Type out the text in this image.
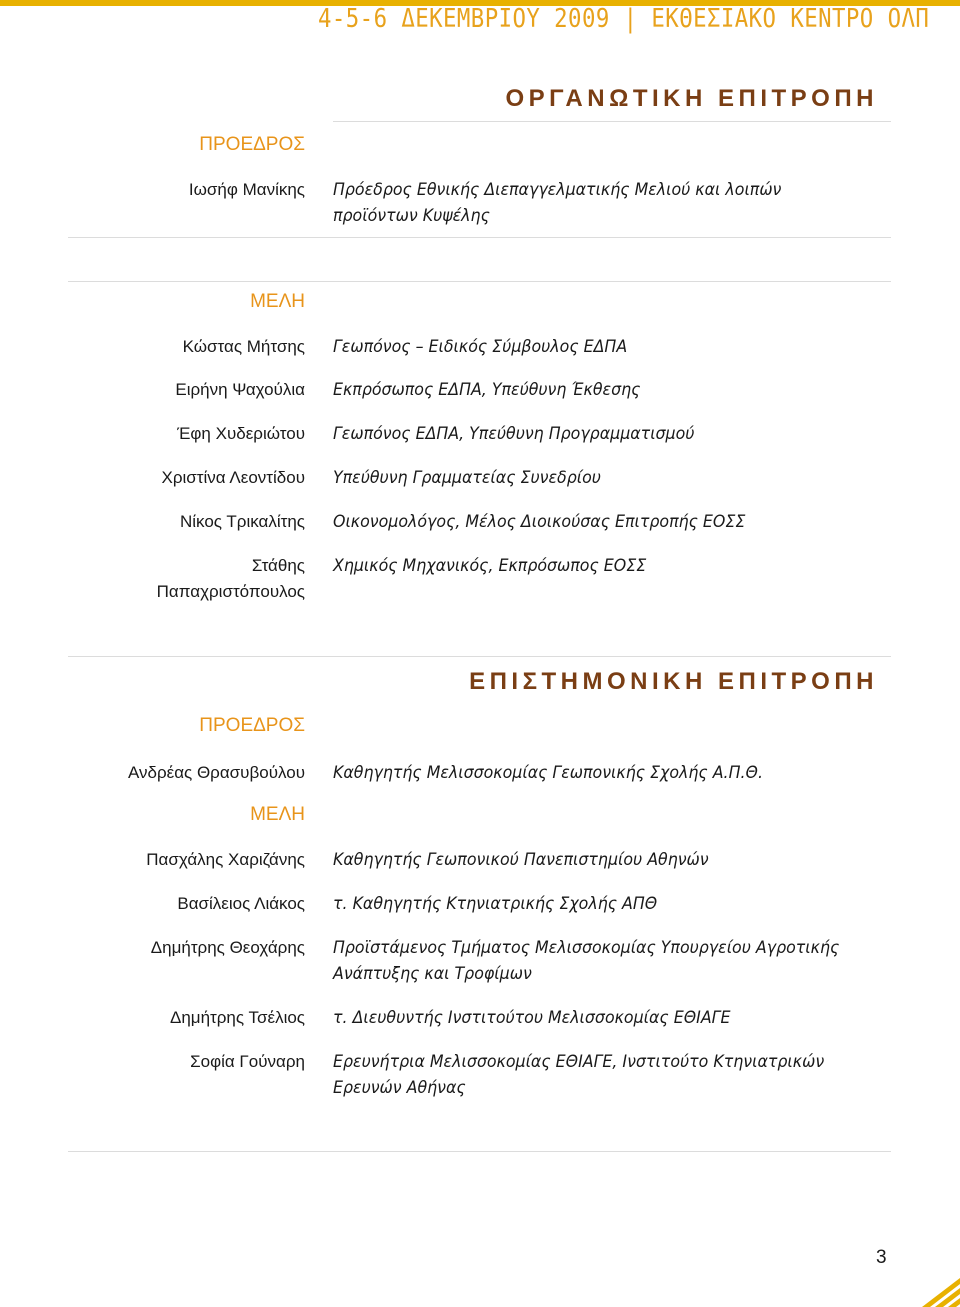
4-5-6 ΔΕΚΕΜΒΡΙΟΥ 2009 | ΕΚΘΕΣΙΑΚΟ ΚΕΝΤΡΟ ΟΛΠ
ΟΡΓΑΝΩΤΙΚΗ ΕΠΙΤΡΟΠΗ
ΠΡΟΕΔΡΟΣ
Ιωσήφ Μανίκης Πρόεδρος Εθνικής Διεπαγγελματικής Μελιού και λοιπών προϊόντων Κυψέλης
ΜΕΛΗ
Κώστας Μήτσης Γεωπόνος – Ειδικός Σύμβουλος ΕΔΠΑ
Ειρήνη Ψαχούλια Εκπρόσωπος ΕΔΠΑ, Υπεύθυνη Έκθεσης
Έφη Χυδεριώτου Γεωπόνος ΕΔΠΑ, Υπεύθυνη Προγραμματισμού
Χριστίνα Λεοντίδου Υπεύθυνη Γραμματείας Συνεδρίου
Νίκος Τρικαλίτης Οικονομολόγος, Μέλος Διοικούσας Επιτροπής ΕΟΣΣ
Στάθης Παπαχριστόπουλος
Χημικός Μηχανικός, Εκπρόσωπος ΕΟΣΣ
ΕΠΙΣΤΗΜΟΝΙΚΗ ΕΠΙΤΡΟΠΗ
ΠΡΟΕΔΡΟΣ
Ανδρέας Θρασυβούλου Καθηγητής Μελισσοκομίας Γεωπονικής Σχολής Α.Π.Θ.
ΜΕΛΗ
Πασχάλης Χαριζάνης Καθηγητής Γεωπονικού Πανεπιστημίου Αθηνών
Βασίλειος Λιάκος τ. Καθηγητής Κτηνιατρικής Σχολής ΑΠΘ
Δημήτρης Θεοχάρης Προϊστάμενος Τμήματος Μελισσοκομίας Υπουργείου Αγροτικής Ανάπτυξης και Τροφίμων
Δημήτρης Τσέλιος τ. Διευθυντής Ινστιτούτου Μελισσοκομίας ΕΘΙΑΓΕ
Σοφία Γούναρη Ερευνήτρια Μελισσοκομίας ΕΘΙΑΓΕ, Ινστιτούτο Κτηνιατρικών Ερευνών Αθήνας
3
